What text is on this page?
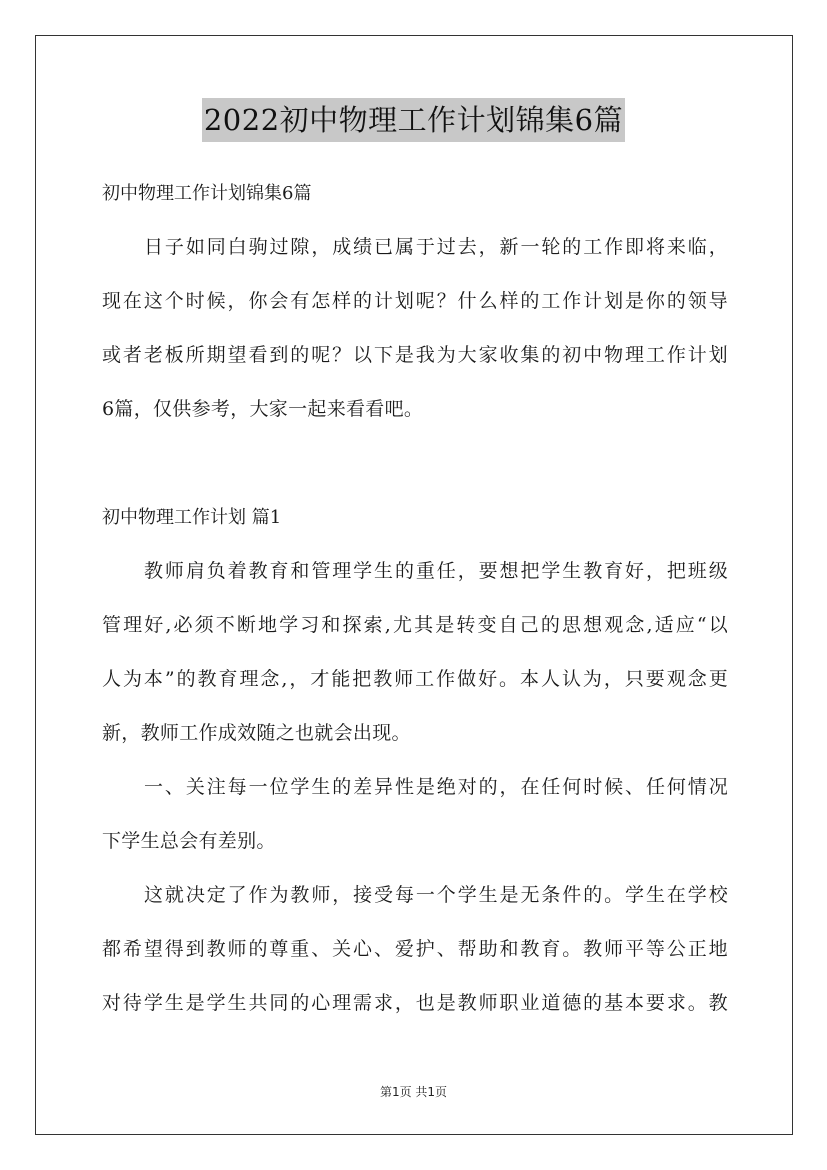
2022初中物理工作计划锦集6篇
初中物理工作计划锦集6篇
日子如同白驹过隙，成绩已属于过去，新一轮的工作即将来临，
现在这个时候，你会有怎样的计划呢？什么样的工作计划是你的领导
或者老板所期望看到的呢？以下是我为大家收集的初中物理工作计划
6篇，仅供参考，大家一起来看看吧。
初中物理工作计划 篇1
教师肩负着教育和管理学生的重任，要想把学生教育好，把班级
管理好,必须不断地学习和探索,尤其是转变自己的思想观念,适应“以
人为本”的教育理念,，才能把教师工作做好。本人认为，只要观念更
新，教师工作成效随之也就会出现。
一、关注每一位学生的差异性是绝对的，在任何时候、任何情况
下学生总会有差别。
这就决定了作为教师，接受每一个学生是无条件的。学生在学校
都希望得到教师的尊重、关心、爱护、帮助和教育。教师平等公正地
对待学生是学生共同的心理需求，也是教师职业道德的基本要求。教
第1页 共1页
